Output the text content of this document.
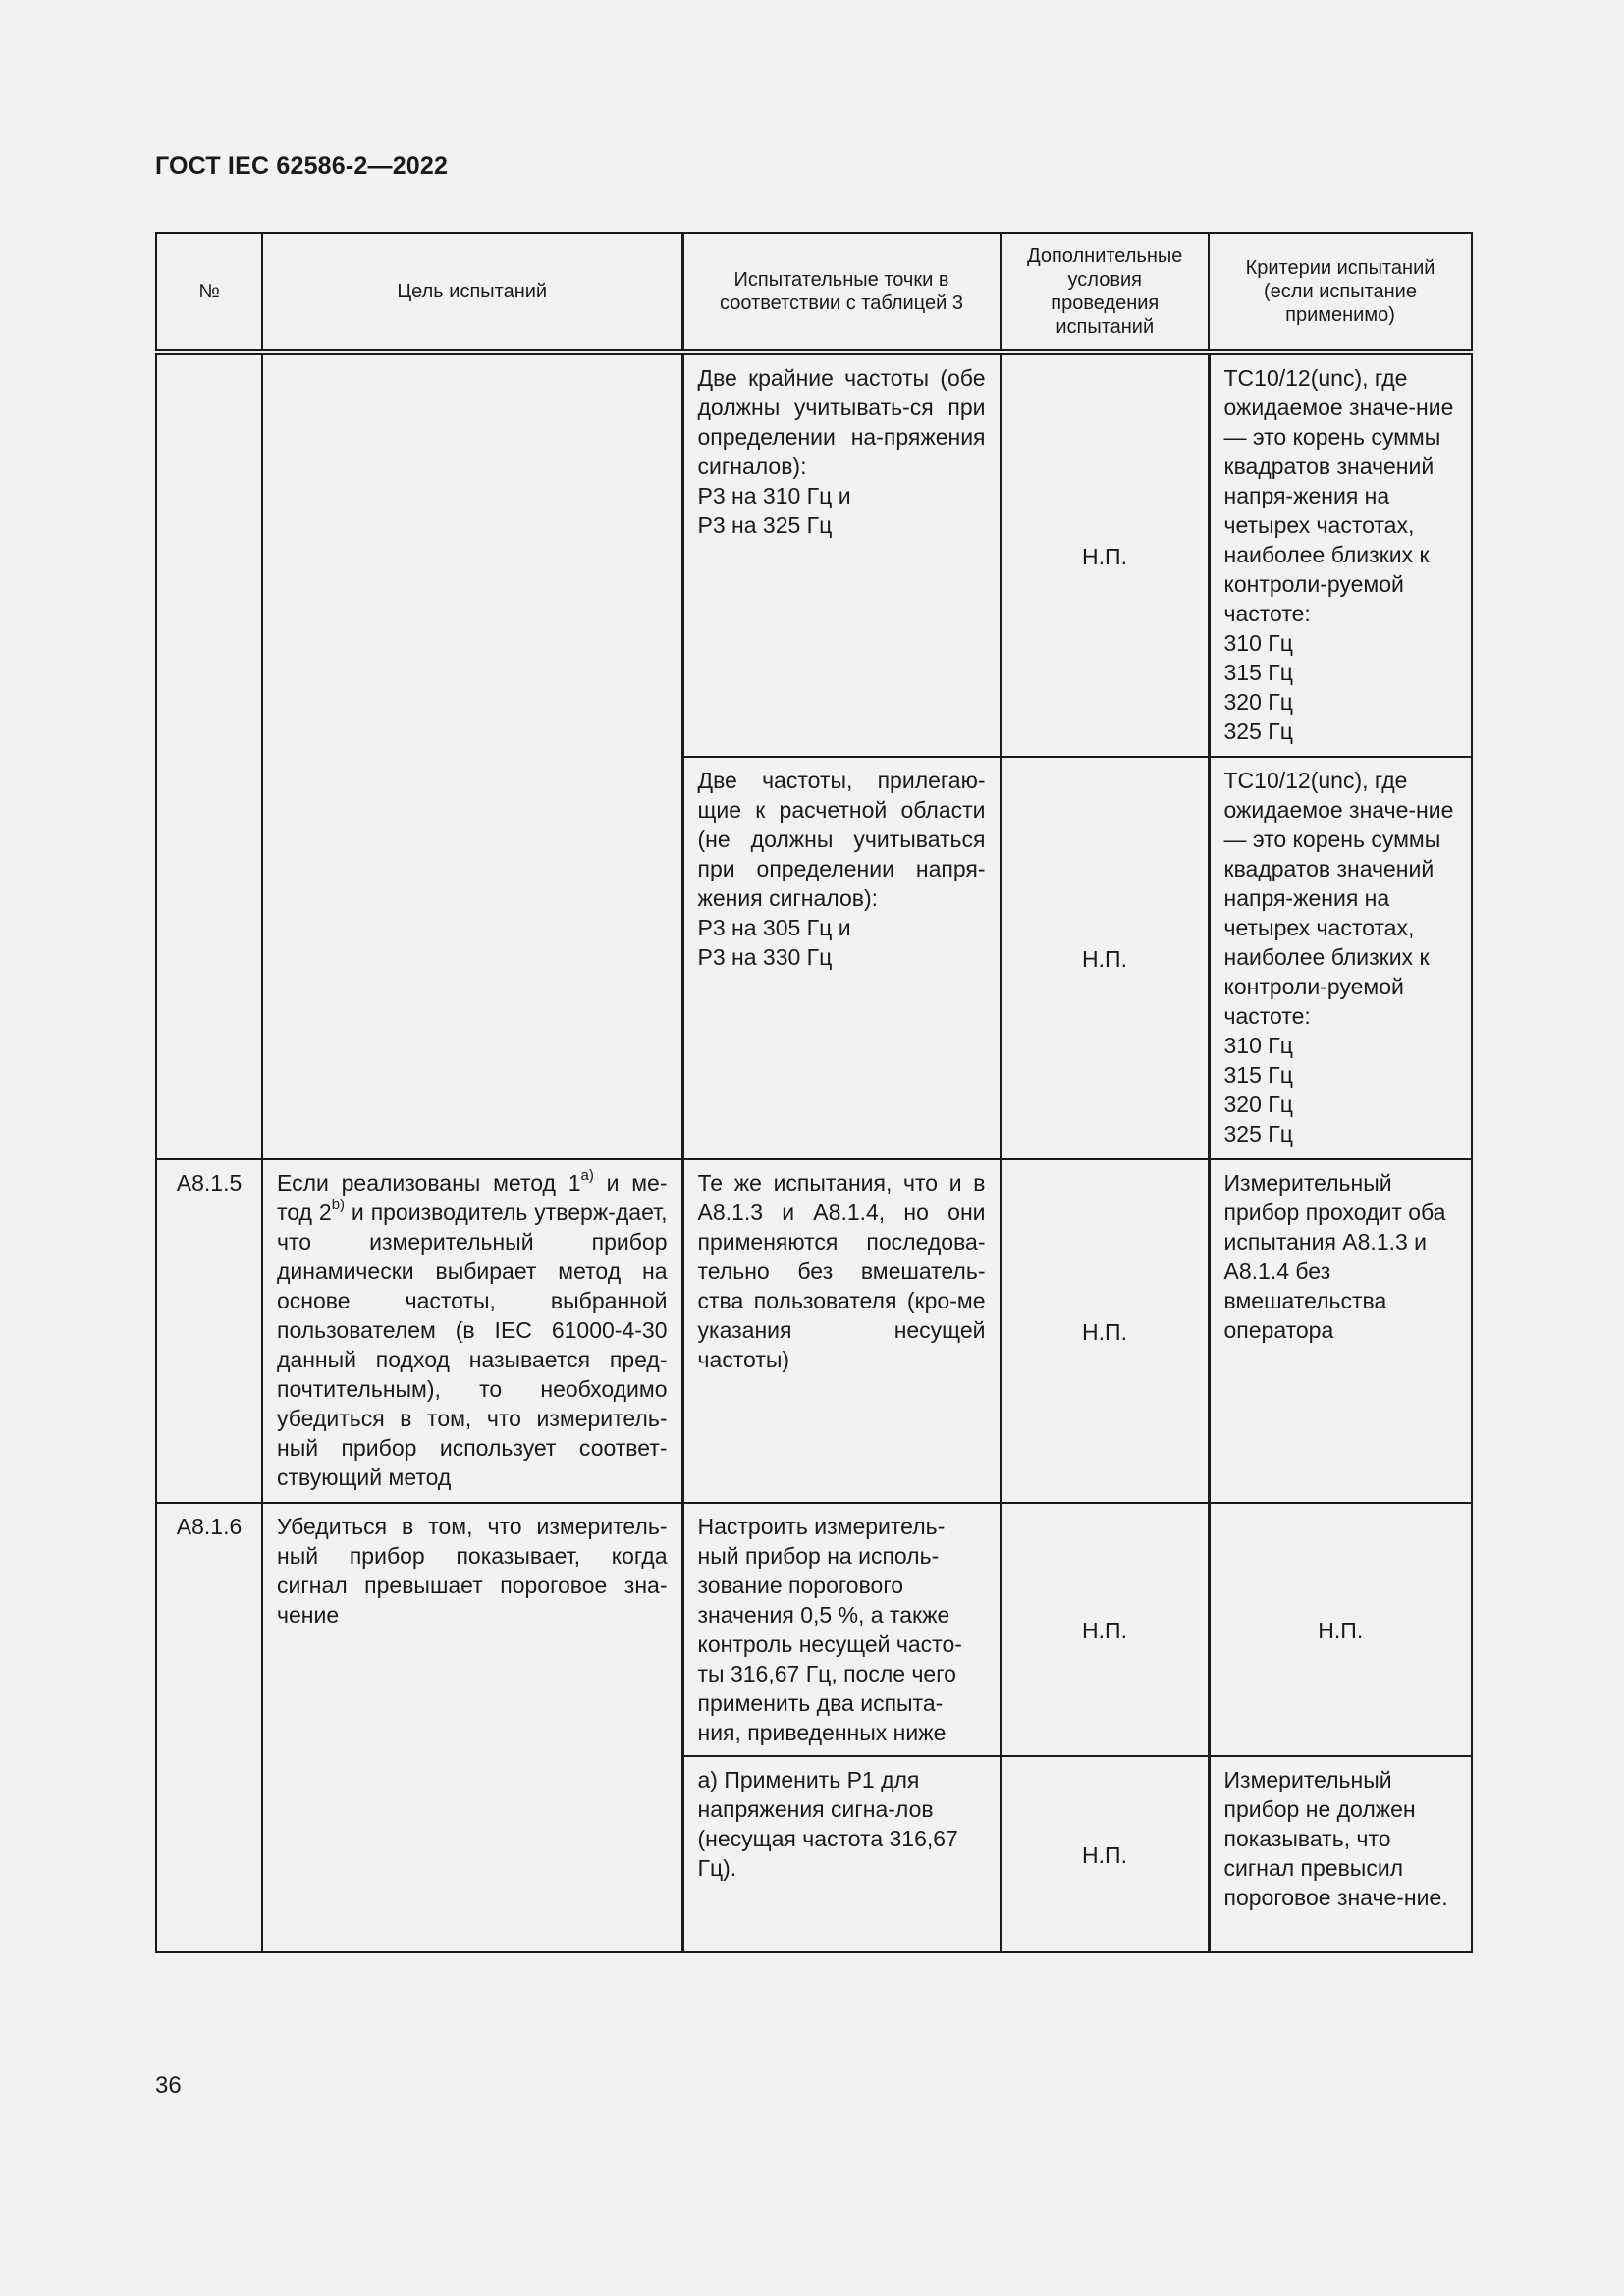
ГОСТ IEC 62586-2—2022
№	Цель испытаний	Испытательные точки в соответствии с таблицей 3	Дополнительные условия проведения испытаний	Критерии испытаний (если испытание применимо)

		Две крайние частоты (обе должны учитывать-ся при определении на-пряжения сигналов):
P3 на 310 Гц и
P3 на 325 Гц	Н.П.	TC10/12(unc), где ожидаемое значе-ние — это корень суммы квадратов значений напря-жения на четырех частотах, наиболее близких к контроли-руемой частоте:
310 Гц
315 Гц
320 Гц
325 Гц

		Две частоты, прилегаю-щие к расчетной области (не должны учитываться при определении напря-жения сигналов):
P3 на 305 Гц и
P3 на 330 Гц	Н.П.	TC10/12(unc), где ожидаемое значе-ние — это корень суммы квадратов значений напря-жения на четырех частотах, наиболее близких к контроли-руемой частоте:
310 Гц
315 Гц
320 Гц
325 Гц

A8.1.5	Если реализованы метод 1$^{a)}$ и ме-тод 2$^{b)}$ и производитель утверж-дает, что измерительный прибор динамически выбирает метод на основе частоты, выбранной пользователем (в IEC 61000-4-30 данный подход называется пред-почтительным), то необходимо убедиться в том, что измеритель-ный прибор использует соответ-ствующий метод	Те же испытания, что и в A8.1.3 и A8.1.4, но они применяются последова-тельно без вмешатель-ства пользователя (кро-ме указания несущей частоты)	Н.П.	Измерительный прибор проходит оба испытания A8.1.3 и A8.1.4 без вмешательства оператора

A8.1.6	Убедиться в том, что измеритель-ный прибор показывает, когда сигнал превышает пороговое зна-чение	Настроить измеритель-ный прибор на исполь-зование порогового значения 0,5 %, а также контроль несущей часто-ты 316,67 Гц, после чего применить два испыта-ния, приведенных ниже	Н.П.	Н.П.

		а) Применить P1 для напряжения сигна-лов (несущая частота 316,67 Гц).	Н.П.	Измерительный прибор не должен показывать, что сигнал превысил пороговое значе-ние.
36
